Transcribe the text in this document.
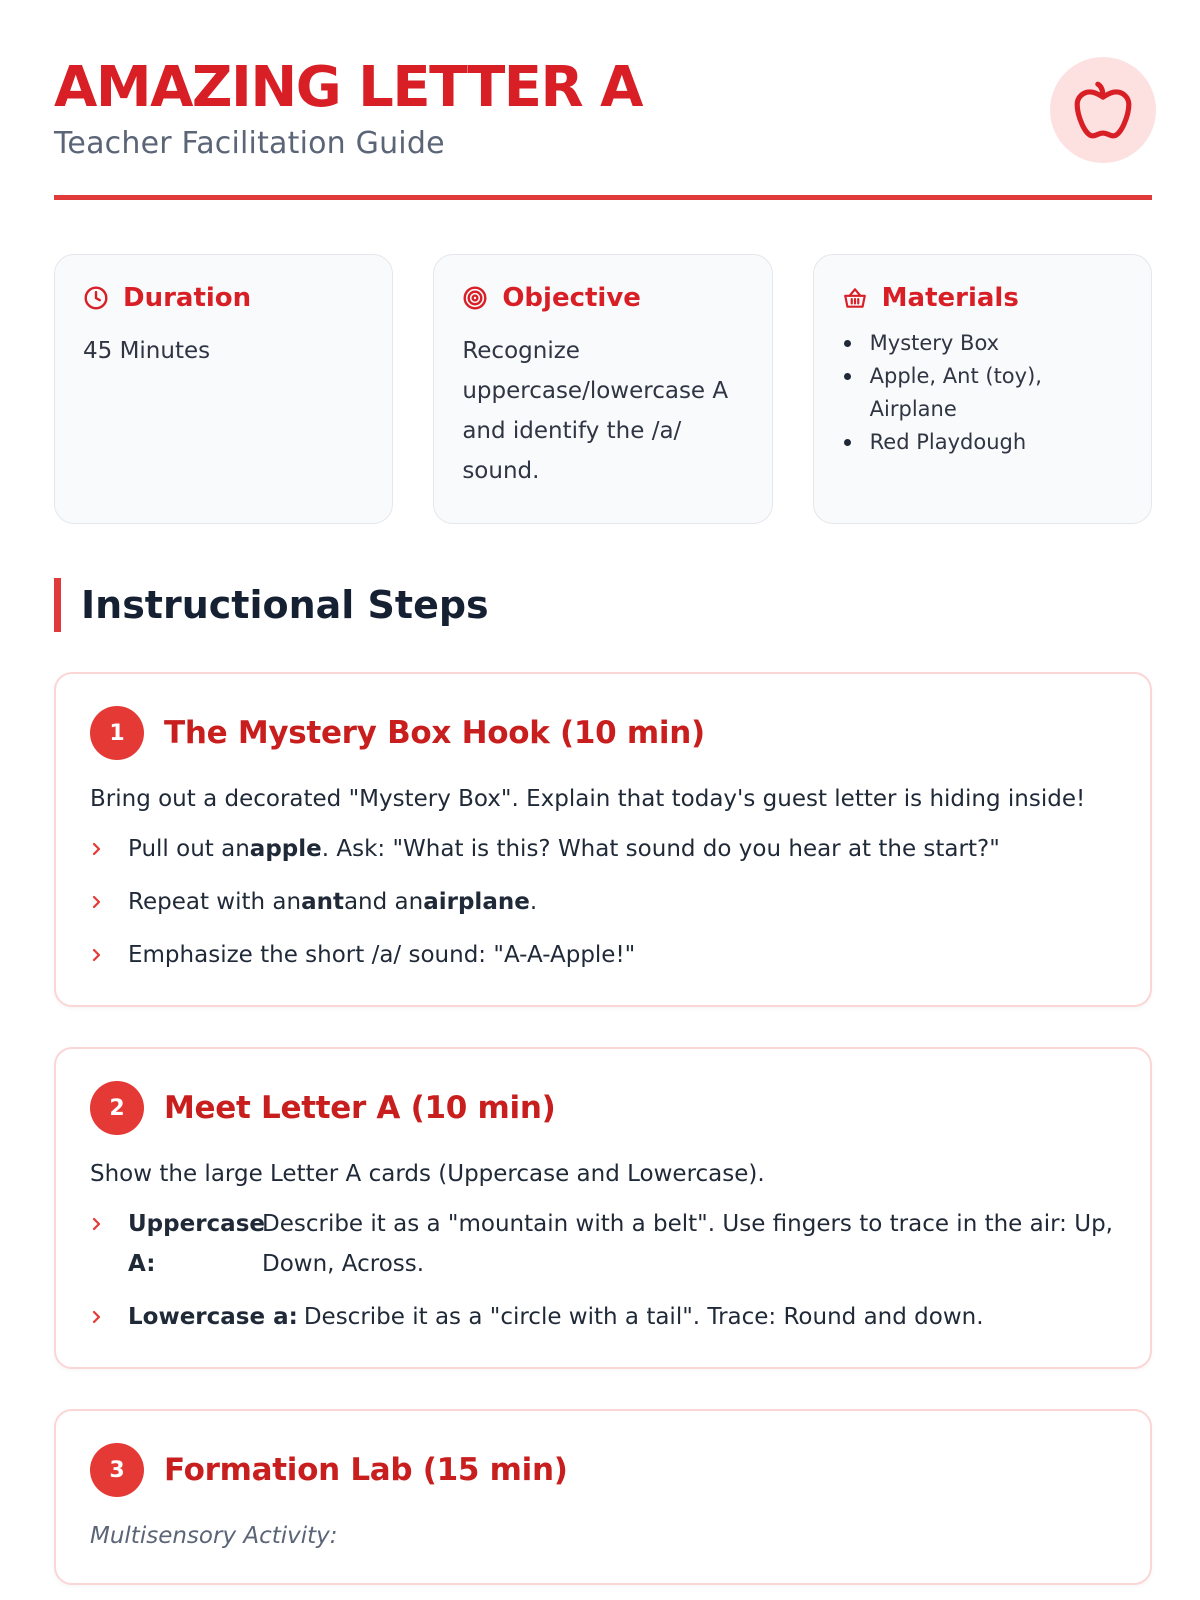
AMAZING LETTER A
Teacher Facilitation Guide
Duration
45 Minutes
Objective
Recognize uppercase/lowercase A and identify the /a/ sound.
Materials
Mystery Box
Apple, Ant (toy), Airplane
Red Playdough
Instructional Steps
1	The Mystery Box Hook (10 min)

Bring out a decorated "Mystery Box". Explain that today's guest letter is hiding inside!

Pull out anapple. Ask: "What is this? What sound do you hear at the start?"
Repeat with anantand anairplane.
Emphasize the short /a/ sound: "A-A-Apple!"
2	Meet Letter A (10 min)

Show the large Letter A cards (Uppercase and Lowercase).

Uppercase A:
Describe it as a "mountain with a belt". Use fingers to trace in the air: Up, Down, Across.
Lowercase a: Describe it as a "circle with a tail". Trace: Round and down.
3	Formation Lab (15 min)

Multisensory Activity:
